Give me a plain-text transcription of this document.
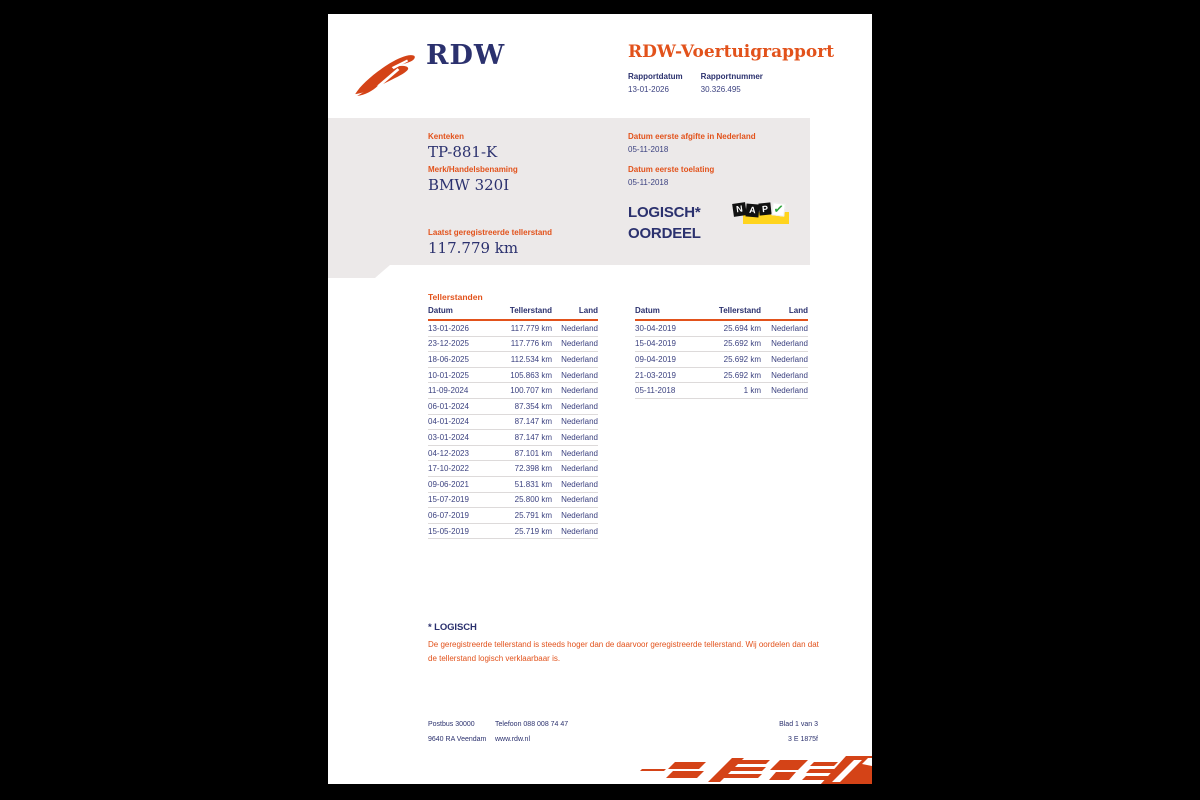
RDW	RDW-Voertuigrapport
Rapportdatum
13-01-2026
Rapportnummer
30.326.495
Kenteken
TP-881-K
Merk/Handelsbenaming
BMW 320I
Laatst geregistreerde tellerstand
117.779 km
Datum eerste afgifte in Nederland
05-11-2018
Datum eerste toelating
05-11-2018
LOGISCH*
OORDEEL
N A P ✓
Tellerstanden
Datum	Tellerstand	Land
13-01-2026	117.779 km	Nederland
23-12-2025	117.776 km	Nederland
18-06-2025	112.534 km	Nederland
10-01-2025	105.863 km	Nederland
11-09-2024	100.707 km	Nederland
06-01-2024	87.354 km	Nederland
04-01-2024	87.147 km	Nederland
03-01-2024	87.147 km	Nederland
04-12-2023	87.101 km	Nederland
17-10-2022	72.398 km	Nederland
09-06-2021	51.831 km	Nederland
15-07-2019	25.800 km	Nederland
06-07-2019	25.791 km	Nederland
15-05-2019	25.719 km	Nederland
Datum	Tellerstand	Land
30-04-2019	25.694 km	Nederland
15-04-2019	25.692 km	Nederland
09-04-2019	25.692 km	Nederland
21-03-2019	25.692 km	Nederland
05-11-2018	1 km	Nederland
* LOGISCH
De geregistreerde tellerstand is steeds hoger dan de daarvoor geregistreerde tellerstand. Wij oordelen dan dat de tellerstand logisch verklaarbaar is.
Postbus 30000
9640 RA Veendam
Telefoon 088 008 74 47
www.rdw.nl
Blad 1 van 3
3 E 1875f
